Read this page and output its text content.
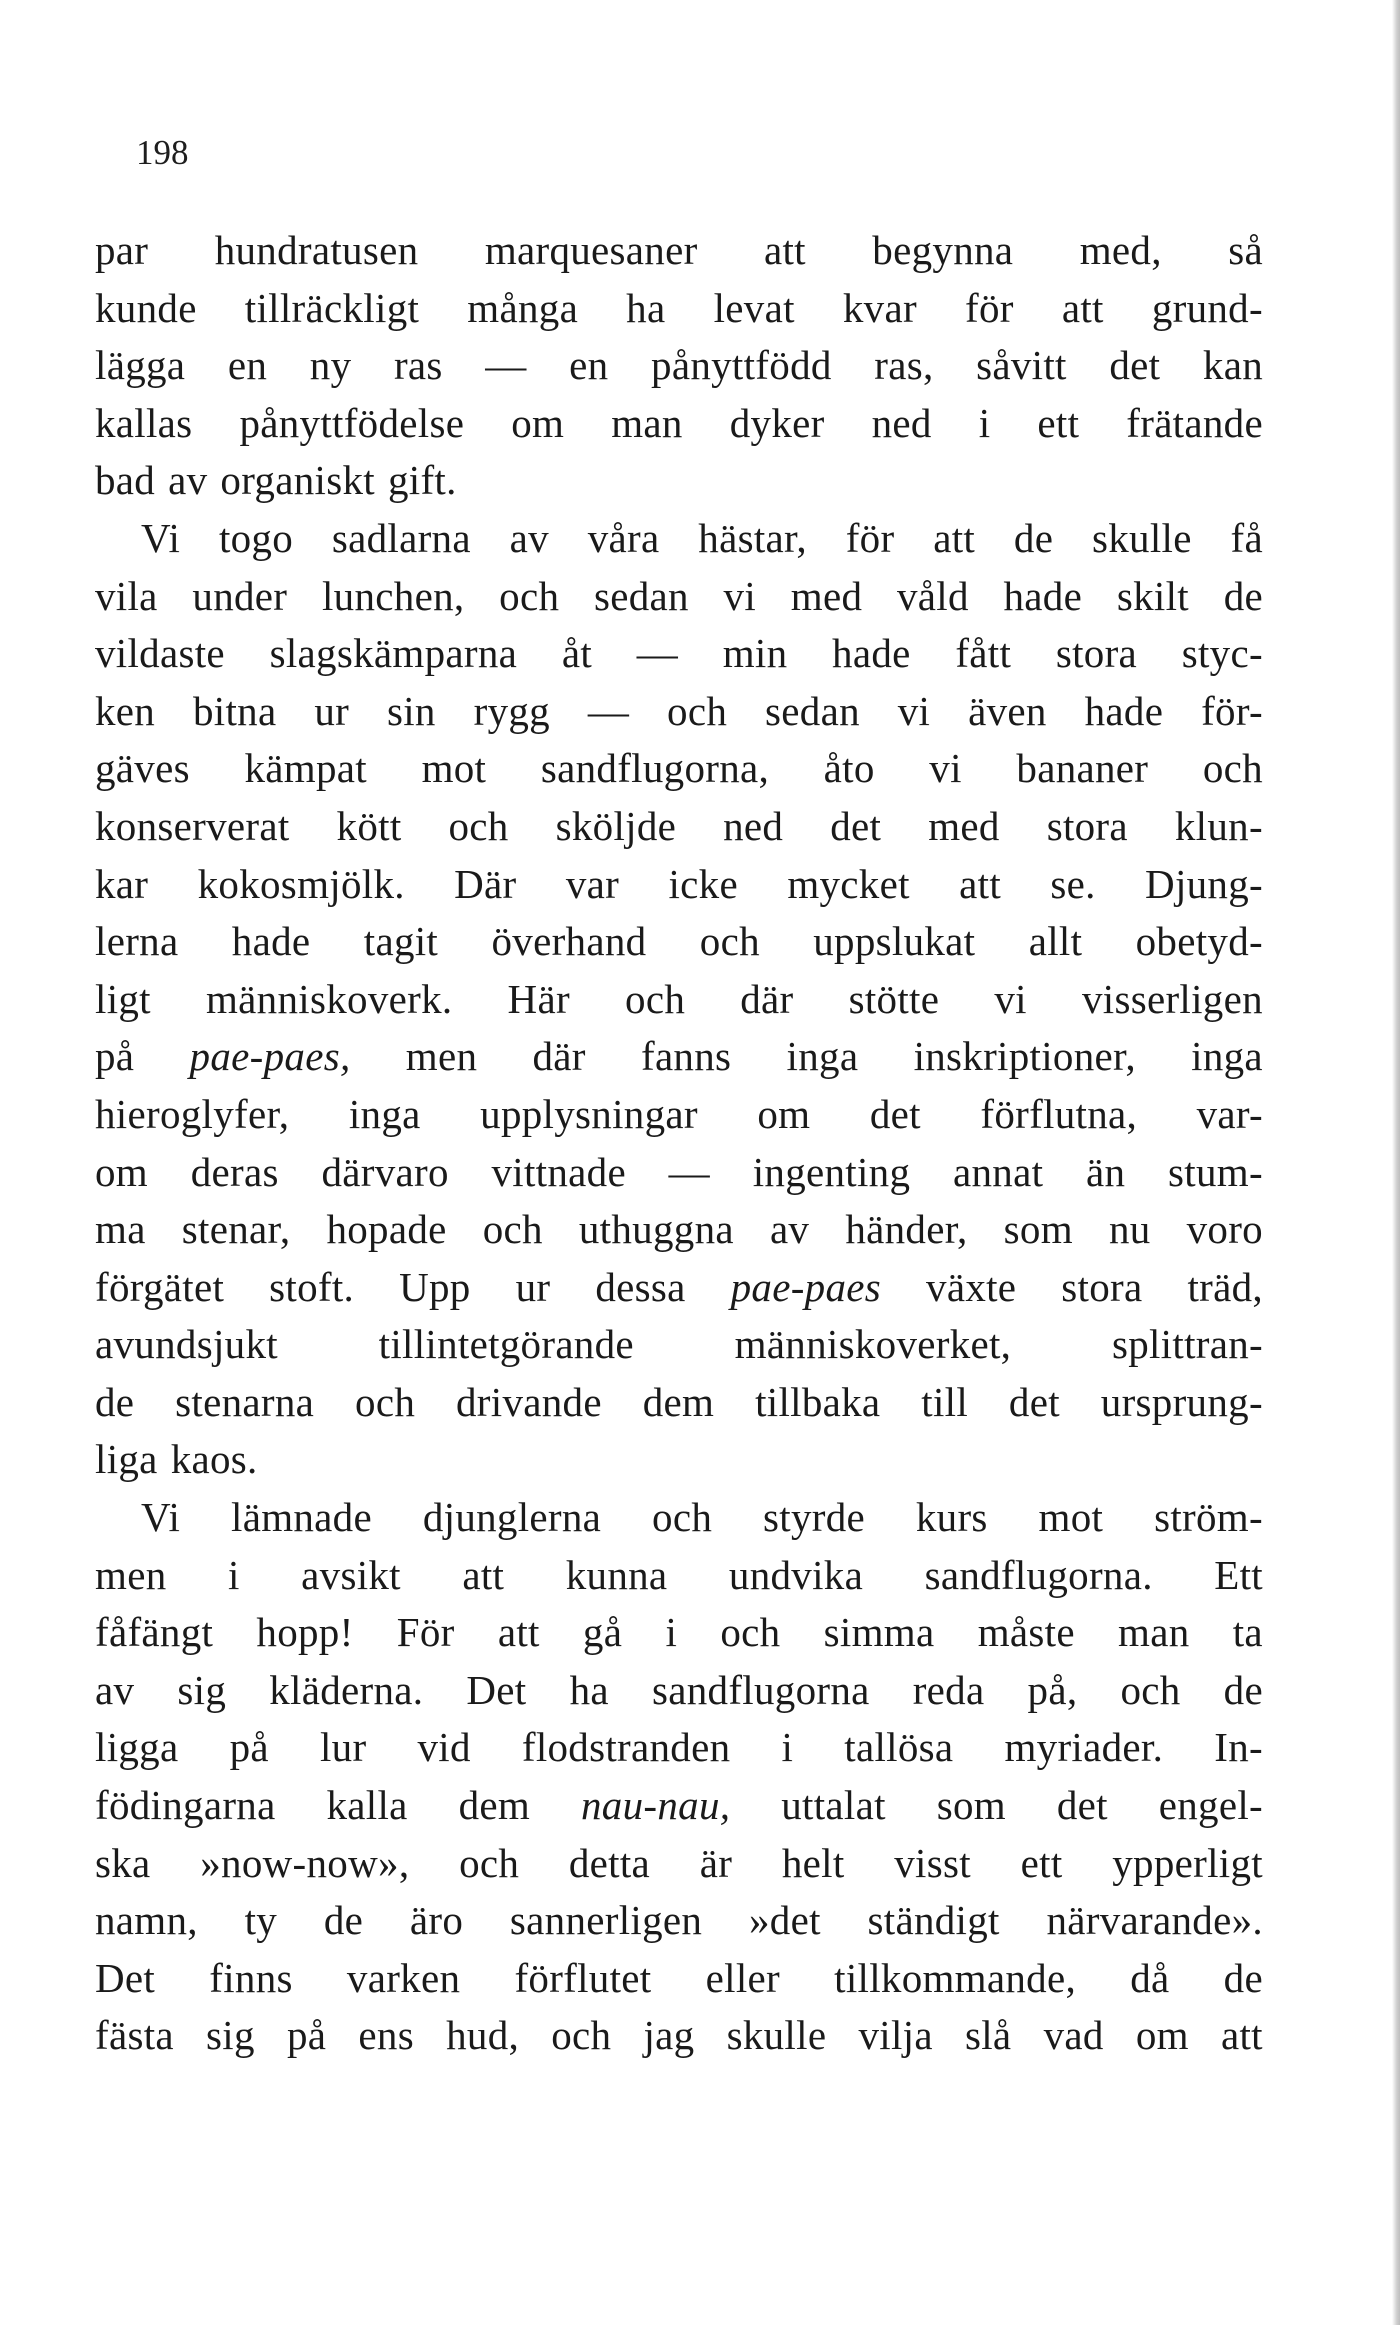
198
par hundratusen marquesaner att begynna med, så
kunde tillräckligt många ha levat kvar för att grund-
lägga en ny ras — en pånyttfödd ras, såvitt det kan
kallas pånyttfödelse om man dyker ned i ett frätande
bad av organiskt gift.
Vi togo sadlarna av våra hästar, för att de skulle få
vila under lunchen, och sedan vi med våld hade skilt de
vildaste slagskämparna åt — min hade fått stora styc-
ken bitna ur sin rygg — och sedan vi även hade för-
gäves kämpat mot sandflugorna, åto vi bananer och
konserverat kött och sköljde ned det med stora klun-
kar kokosmjölk. Där var icke mycket att se. Djung-
lerna hade tagit överhand och uppslukat allt obetyd-
ligt människoverk. Här och där stötte vi visserligen
på pae-paes, men där fanns inga inskriptioner, inga
hieroglyfer, inga upplysningar om det förflutna, var-
om deras därvaro vittnade — ingenting annat än stum-
ma stenar, hopade och uthuggna av händer, som nu voro
förgätet stoft. Upp ur dessa pae-paes växte stora träd,
avundsjukt tillintetgörande människoverket, splittran-
de stenarna och drivande dem tillbaka till det ursprung-
liga kaos.
Vi lämnade djunglerna och styrde kurs mot ström-
men i avsikt att kunna undvika sandflugorna. Ett
fåfängt hopp! För att gå i och simma måste man ta
av sig kläderna. Det ha sandflugorna reda på, och de
ligga på lur vid flodstranden i tallösa myriader. In-
födingarna kalla dem nau-nau, uttalat som det engel-
ska »now-now», och detta är helt visst ett ypperligt
namn, ty de äro sannerligen »det ständigt närvarande».
Det finns varken förflutet eller tillkommande, då de
fästa sig på ens hud, och jag skulle vilja slå vad om att
